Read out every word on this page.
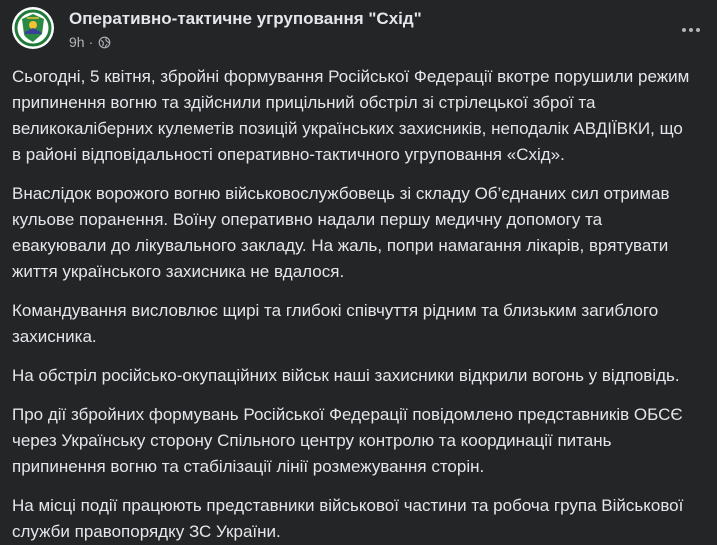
Оперативно-тактичне угруповання "Схід"
9h ·

Сьогодні, 5 квітня, збройні формування Російської Федерації вкотре порушили режим припинення вогню та здійснили прицільний обстріл зі стрілецької зброї та великокаліберних кулеметів позицій українських захисників, неподалік АВДІЇВКИ, що в районі відповідальності оперативно-тактичного угруповання «Схід».

Внаслідок ворожого вогню військовослужбовець зі складу Об’єднаних сил отримав кульове поранення. Воїну оперативно надали першу медичну допомогу та евакуювали до лікувального закладу. На жаль, попри намагання лікарів, врятувати життя українського захисника не вдалося.

Командування висловлює щирі та глибокі співчуття рідним та близьким загиблого захисника.

На обстріл російсько-окупаційних військ наші захисники відкрили вогонь у відповідь.

Про дії збройних формувань Російської Федерації повідомлено представників ОБСЄ через Українську сторону Спільного центру контролю та координації питань припинення вогню та стабілізації лінії розмежування сторін.

На місці події працюють представники військової частини та робоча група Військової служби правопорядку ЗС України.
